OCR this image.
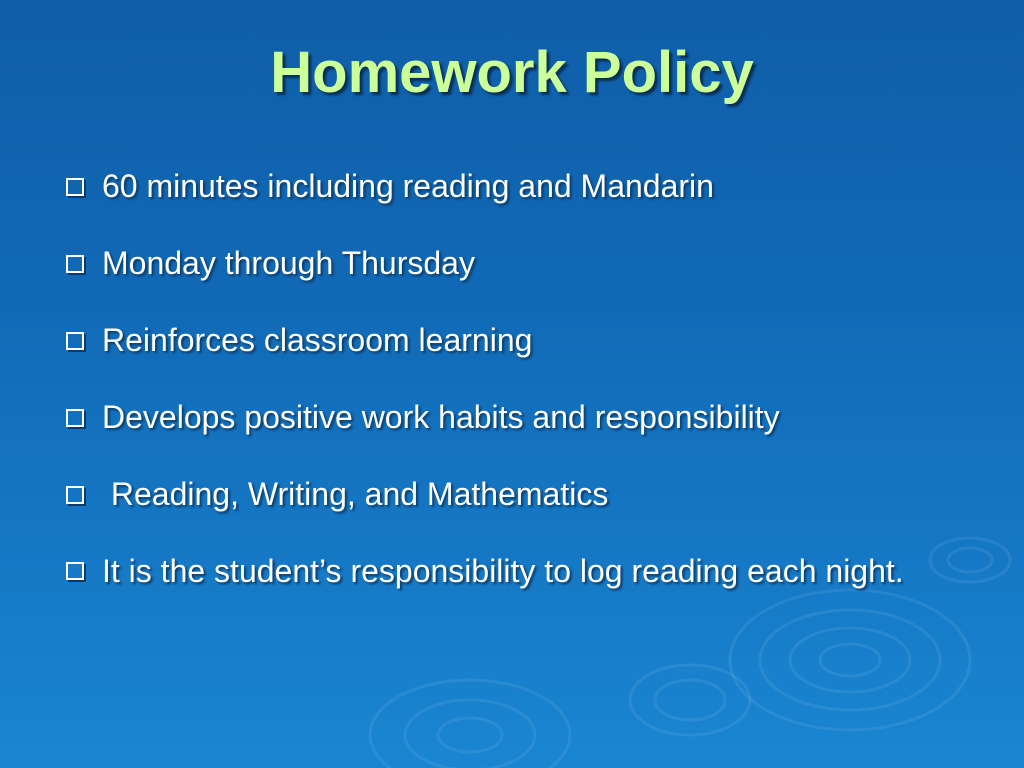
Homework Policy
60 minutes including reading and Mandarin
Monday through Thursday
Reinforces classroom learning
Develops positive work habits and responsibility
Reading, Writing, and Mathematics
It is the student’s responsibility to log reading each night.
